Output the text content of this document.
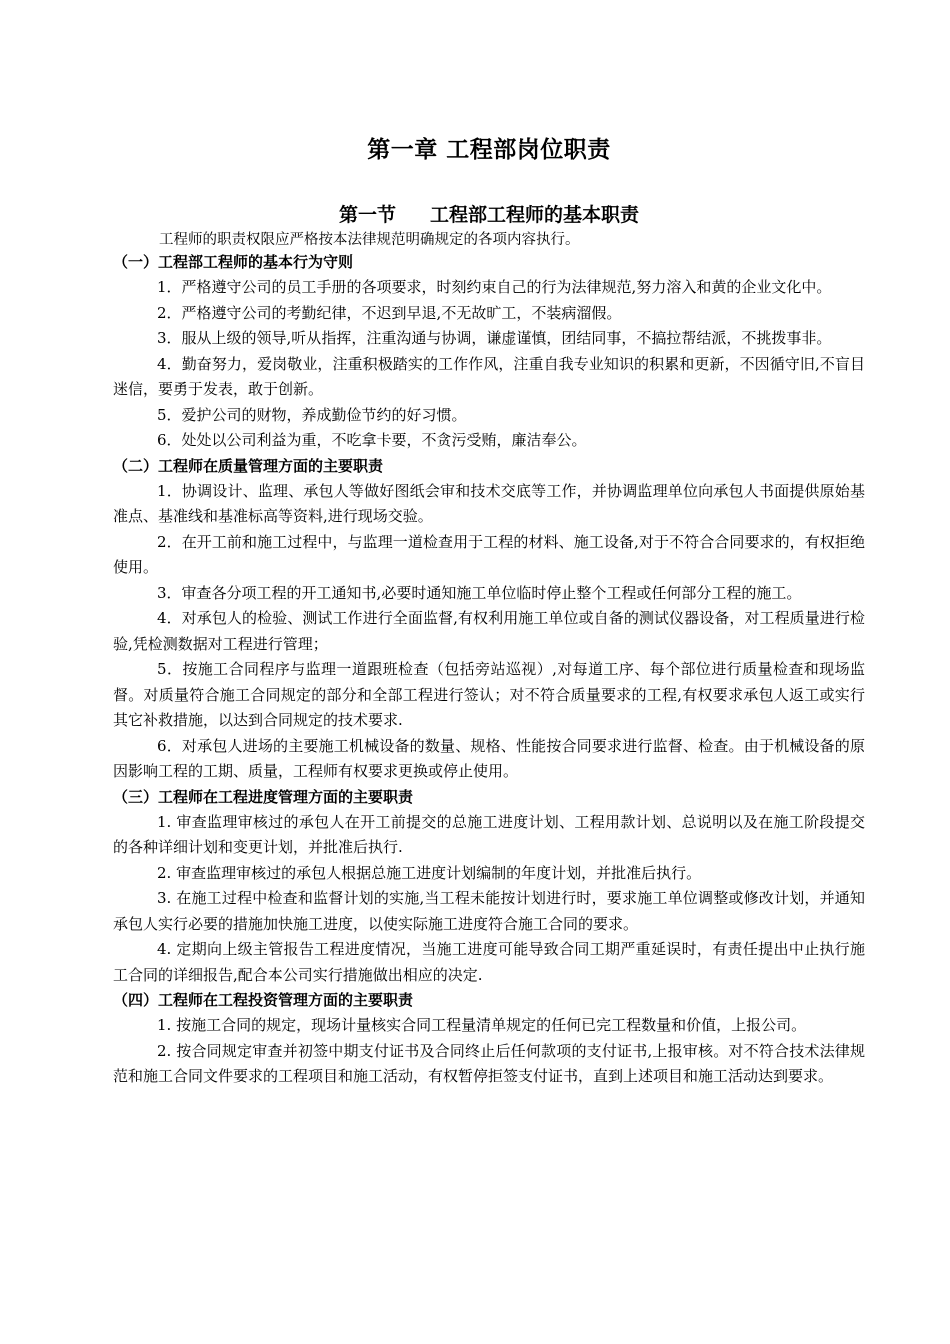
第一章 工程部岗位职责
第一节 工程部工程师的基本职责

工程师的职责权限应严格按本法律规范明确规定的各项内容执行。

（一）工程部工程师的基本行为守则

1．严格遵守公司的员工手册的各项要求，时刻约束自己的行为法律规范,努力溶入和黄的企业文化中。

2．严格遵守公司的考勤纪律，不迟到早退,不无故旷工，不装病溜假。

3．服从上级的领导,听从指挥，注重沟通与协调，谦虚谨慎，团结同事，不搞拉帮结派，不挑拨事非。

4．勤奋努力，爱岗敬业，注重积极踏实的工作作风，注重自我专业知识的积累和更新，不因循守旧,不盲目迷信，要勇于发表，敢于创新。

5．爱护公司的财物，养成勤俭节约的好习惯。

6．处处以公司利益为重，不吃拿卡要，不贪污受贿，廉洁奉公。

（二）工程师在质量管理方面的主要职责

1．协调设计、监理、承包人等做好图纸会审和技术交底等工作，并协调监理单位向承包人书面提供原始基准点、基准线和基准标高等资料,进行现场交验。

2．在开工前和施工过程中，与监理一道检查用于工程的材料、施工设备,对于不符合合同要求的，有权拒绝使用。

3．审查各分项工程的开工通知书,必要时通知施工单位临时停止整个工程或任何部分工程的施工。

4．对承包人的检验、测试工作进行全面监督,有权利用施工单位或自备的测试仪器设备，对工程质量进行检验,凭检测数据对工程进行管理；

5．按施工合同程序与监理一道跟班检查（包括旁站巡视）,对每道工序、每个部位进行质量检查和现场监督。对质量符合施工合同规定的部分和全部工程进行签认；对不符合质量要求的工程,有权要求承包人返工或实行其它补救措施，以达到合同规定的技术要求.

6．对承包人进场的主要施工机械设备的数量、规格、性能按合同要求进行监督、检查。由于机械设备的原因影响工程的工期、质量，工程师有权要求更换或停止使用。

（三）工程师在工程进度管理方面的主要职责

1. 审查监理审核过的承包人在开工前提交的总施工进度计划、工程用款计划、总说明以及在施工阶段提交的各种详细计划和变更计划，并批准后执行.

2. 审查监理审核过的承包人根据总施工进度计划编制的年度计划，并批准后执行。

3. 在施工过程中检查和监督计划的实施,当工程未能按计划进行时，要求施工单位调整或修改计划，并通知承包人实行必要的措施加快施工进度，以使实际施工进度符合施工合同的要求。

4. 定期向上级主管报告工程进度情况，当施工进度可能导致合同工期严重延误时，有责任提出中止执行施工合同的详细报告,配合本公司实行措施做出相应的决定.

（四）工程师在工程投资管理方面的主要职责

1. 按施工合同的规定，现场计量核实合同工程量清单规定的任何已完工程数量和价值，上报公司。

2. 按合同规定审查并初签中期支付证书及合同终止后任何款项的支付证书,上报审核。对不符合技术法律规范和施工合同文件要求的工程项目和施工活动，有权暂停拒签支付证书，直到上述项目和施工活动达到要求。
